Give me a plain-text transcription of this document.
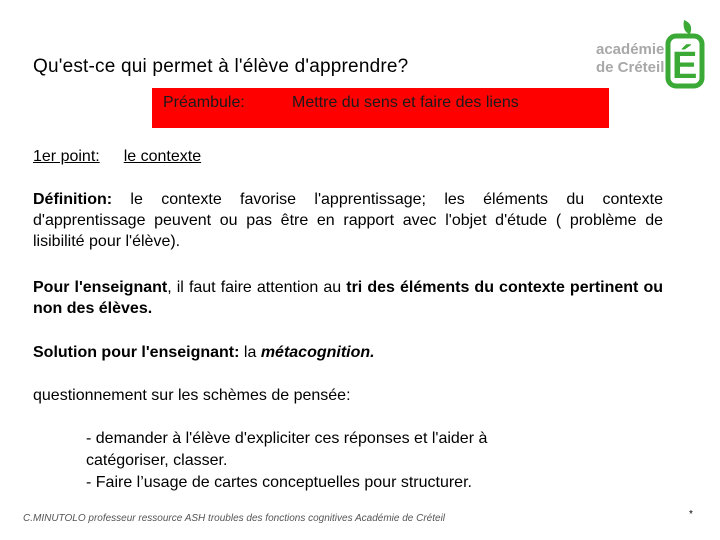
Qu'est-ce qui permet à l'élève d'apprendre?
académie
de Créteil É
Préambule:	Mettre du sens et faire des liens
1er point: le contexte
Définition: le contexte favorise l'apprentissage; les éléments du contexte d'apprentissage peuvent ou pas être en rapport avec l'objet d'étude ( problème de lisibilité pour l'élève).
Pour l'enseignant, il faut faire attention au tri des éléments du contexte pertinent ou non des élèves.
Solution pour l'enseignant: la métacognition.
questionnement sur les schèmes de pensée:
- demander à l'élève d'expliciter ces réponses et l'aider à catégoriser, classer.
- Faire l’usage de cartes conceptuelles pour structurer.
C.MINUTOLO professeur ressource ASH troubles des fonctions cognitives Académie de Créteil	*
